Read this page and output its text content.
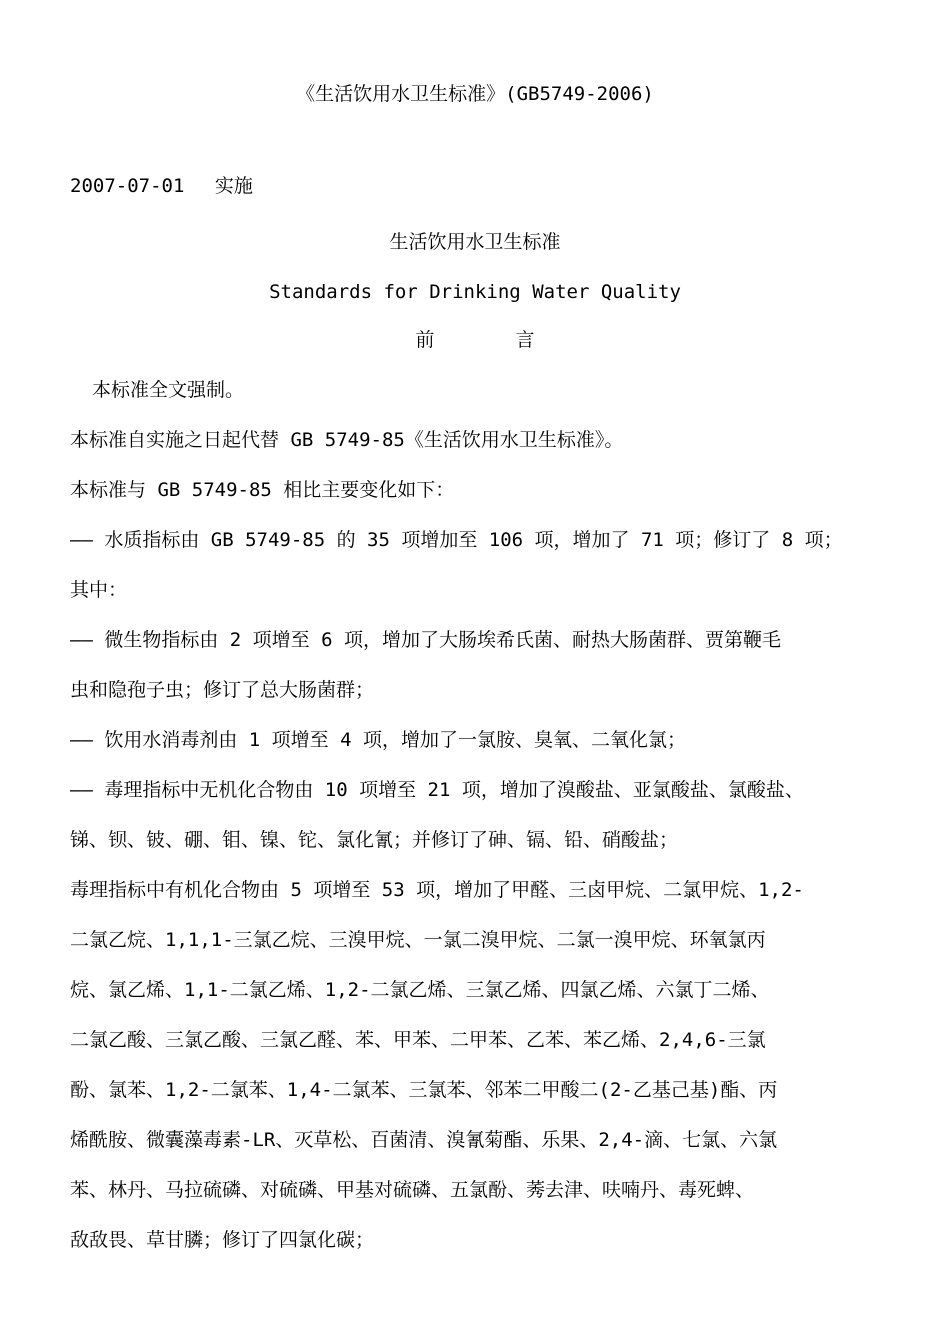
《生活饮用水卫生标准》(GB5749-2006)
2007-07-01　 实施
生活饮用水卫生标准
Standards for Drinking Water Quality
前	言
本标准全文强制。
本标准自实施之日起代替 GB 5749-85《生活饮用水卫生标准》。
本标准与 GB 5749-85 相比主要变化如下：
—— 水质指标由 GB 5749-85 的 35 项增加至 106 项，增加了 71 项；修订了 8 项；
其中：
—— 微生物指标由 2 项增至 6 项，增加了大肠埃希氏菌、耐热大肠菌群、贾第鞭毛
虫和隐孢子虫；修订了总大肠菌群；
—— 饮用水消毒剂由 1 项增至 4 项，增加了一氯胺、臭氧、二氧化氯；
—— 毒理指标中无机化合物由 10 项增至 21 项，增加了溴酸盐、亚氯酸盐、氯酸盐、
锑、钡、铍、硼、钼、镍、铊、氯化氰；并修订了砷、镉、铅、硝酸盐；
毒理指标中有机化合物由 5 项增至 53 项，增加了甲醛、三卤甲烷、二氯甲烷、1,2-
二氯乙烷、1,1,1-三氯乙烷、三溴甲烷、一氯二溴甲烷、二氯一溴甲烷、环氧氯丙
烷、氯乙烯、1,1-二氯乙烯、1,2-二氯乙烯、三氯乙烯、四氯乙烯、六氯丁二烯、
二氯乙酸、三氯乙酸、三氯乙醛、苯、甲苯、二甲苯、乙苯、苯乙烯、2,4,6-三氯
酚、氯苯、1,2-二氯苯、1,4-二氯苯、三氯苯、邻苯二甲酸二(2-乙基己基)酯、丙
烯酰胺、微囊藻毒素-LR、灭草松、百菌清、溴氰菊酯、乐果、2,4-滴、七氯、六氯
苯、林丹、马拉硫磷、对硫磷、甲基对硫磷、五氯酚、莠去津、呋喃丹、毒死蜱、
敌敌畏、草甘膦；修订了四氯化碳；
